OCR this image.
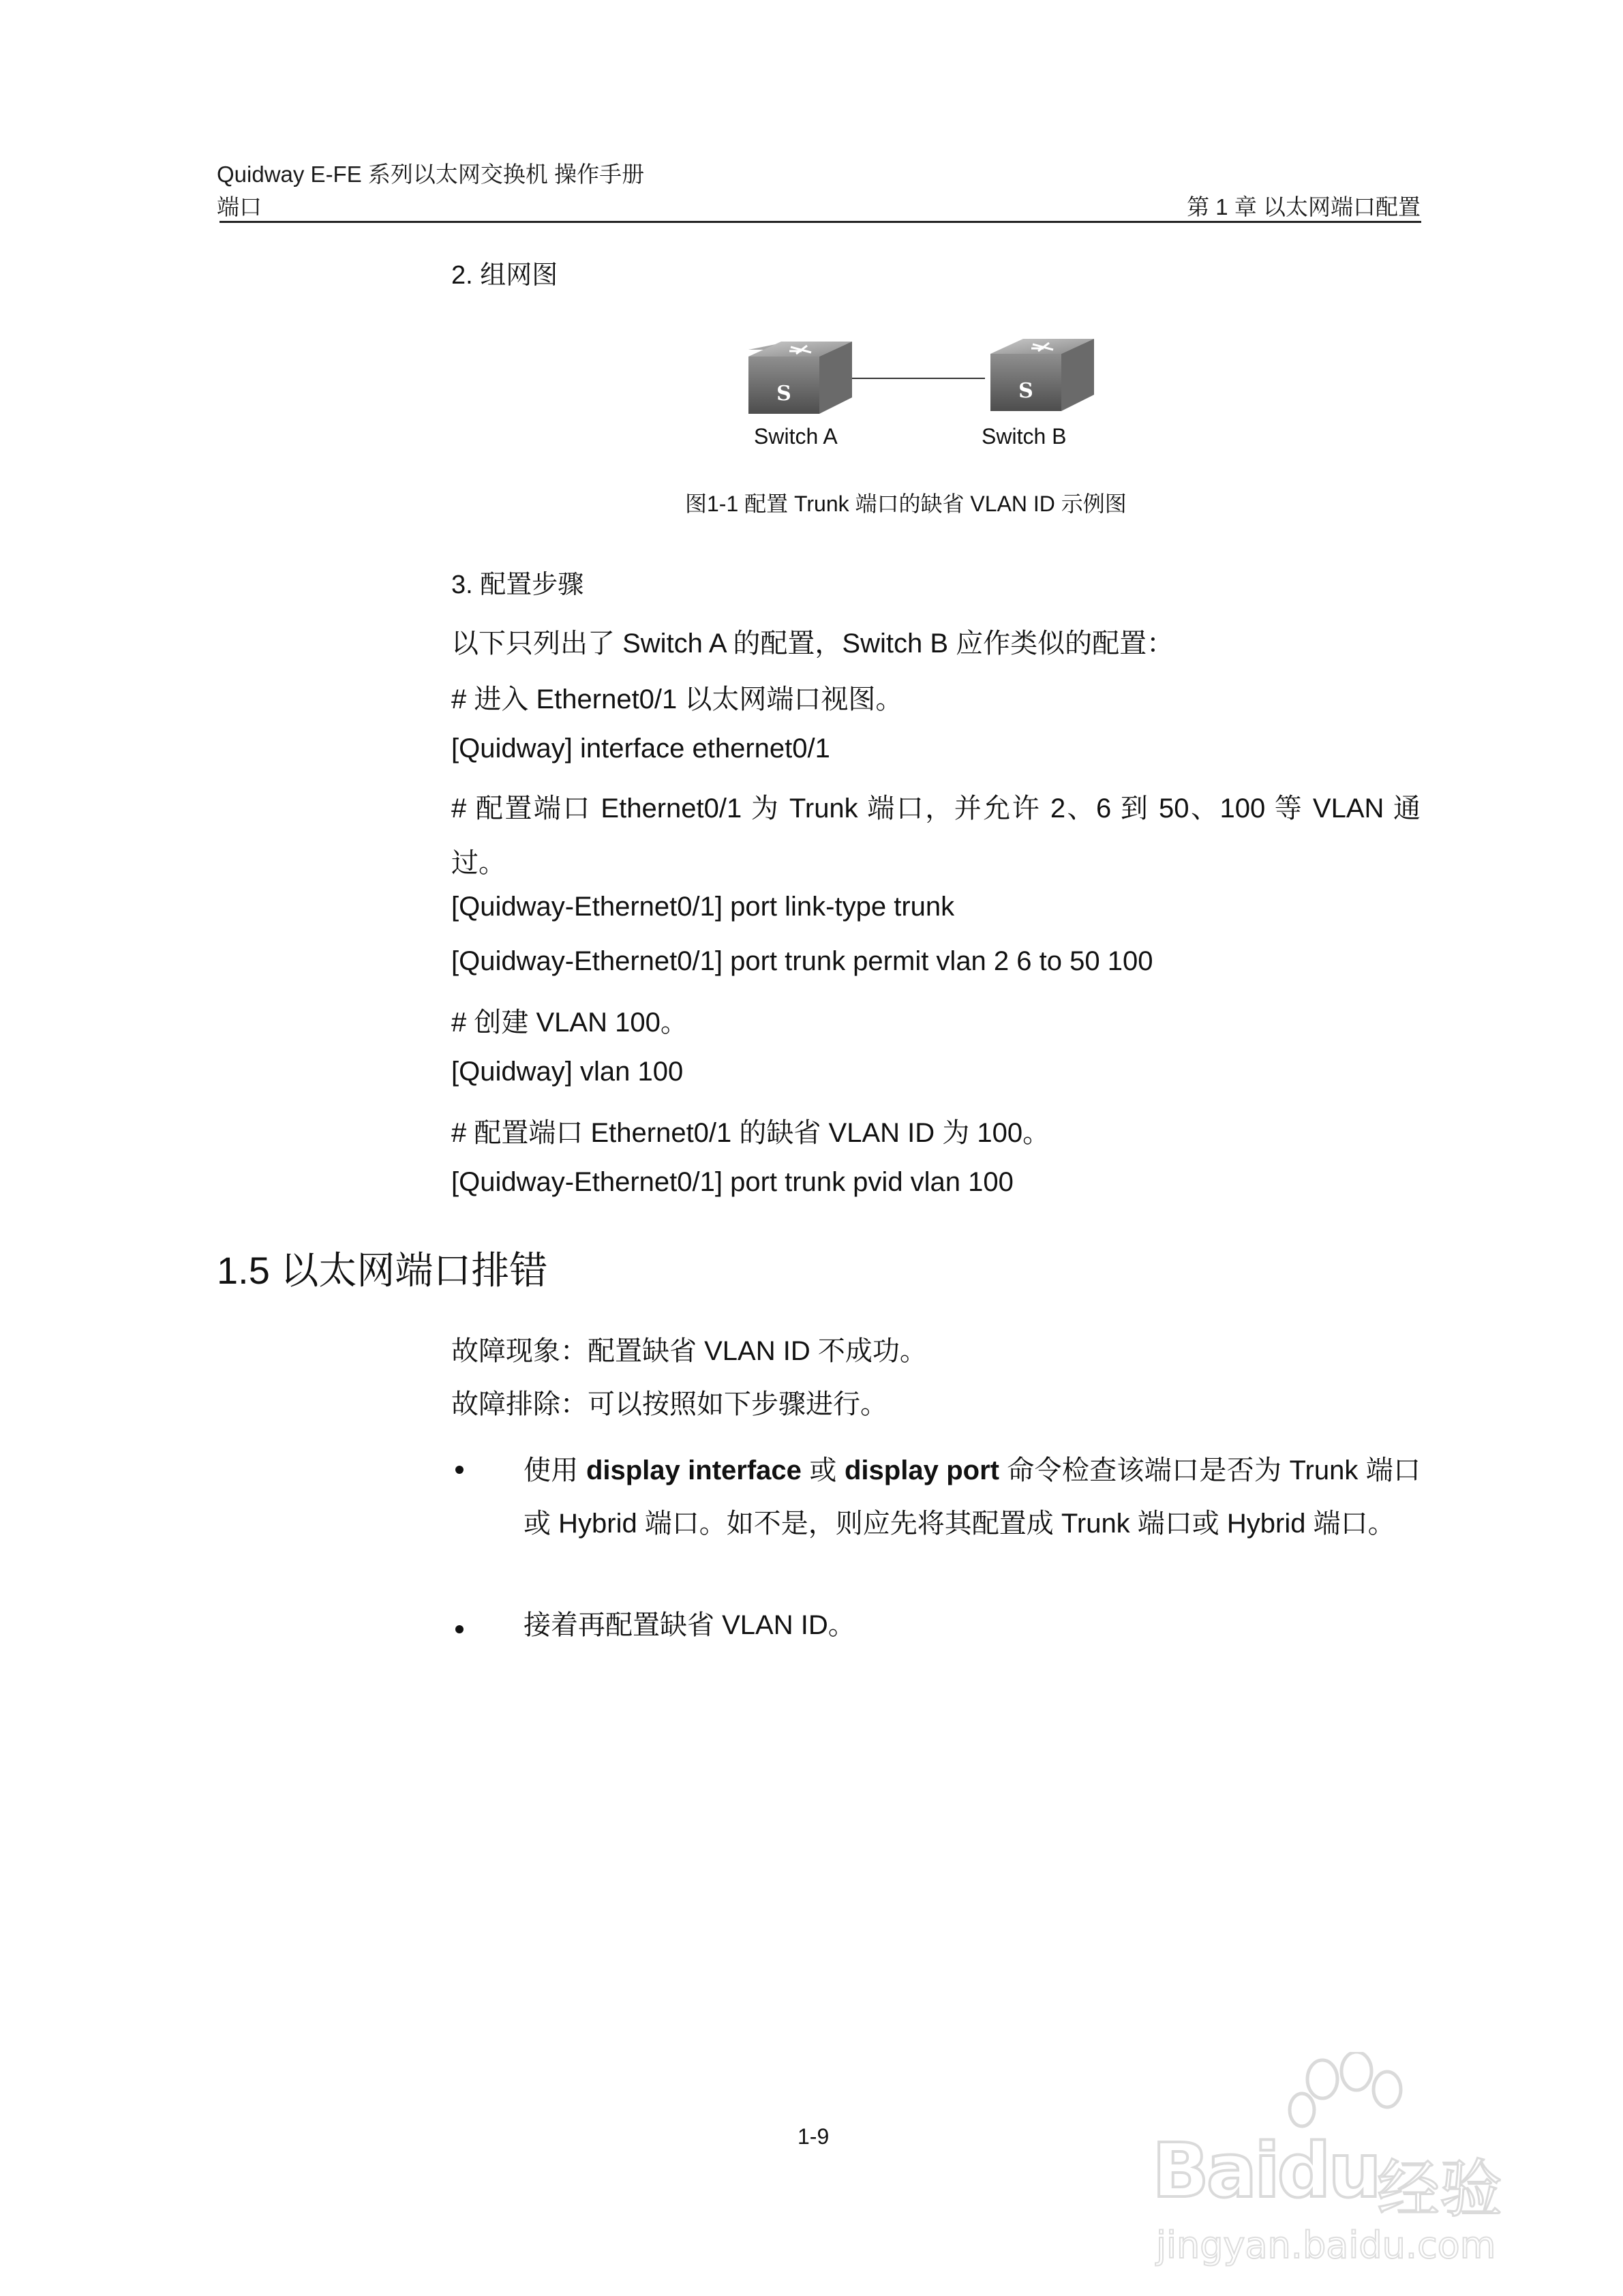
Quidway E-FE 系列以太网交换机 操作手册
端口	第 1 章 以太网端口配置
2. 组网图
S	S
Switch A	Switch B
图1-1 配置 Trunk 端口的缺省 VLAN ID 示例图
3. 配置步骤
以下只列出了 Switch A 的配置，Switch B 应作类似的配置：
# 进入 Ethernet0/1 以太网端口视图。
[Quidway] interface ethernet0/1
# 配置端口 Ethernet0/1 为 Trunk 端口，并允许 2、6 到 50、100 等 VLAN 通过。
[Quidway-Ethernet0/1] port link-type trunk
[Quidway-Ethernet0/1] port trunk permit vlan 2 6 to 50 100
# 创建 VLAN 100。
[Quidway] vlan 100
# 配置端口 Ethernet0/1 的缺省 VLAN ID 为 100。
[Quidway-Ethernet0/1] port trunk pvid vlan 100
1.5 以太网端口排错
故障现象：配置缺省 VLAN ID 不成功。
故障排除：可以按照如下步骤进行。
使用 display interface 或 display port 命令检查该端口是否为 Trunk 端口或 Hybrid 端口。如不是，则应先将其配置成 Trunk 端口或 Hybrid 端口。
接着再配置缺省 VLAN ID。
1-9	Baidu
经验
jingyan.baidu.com
